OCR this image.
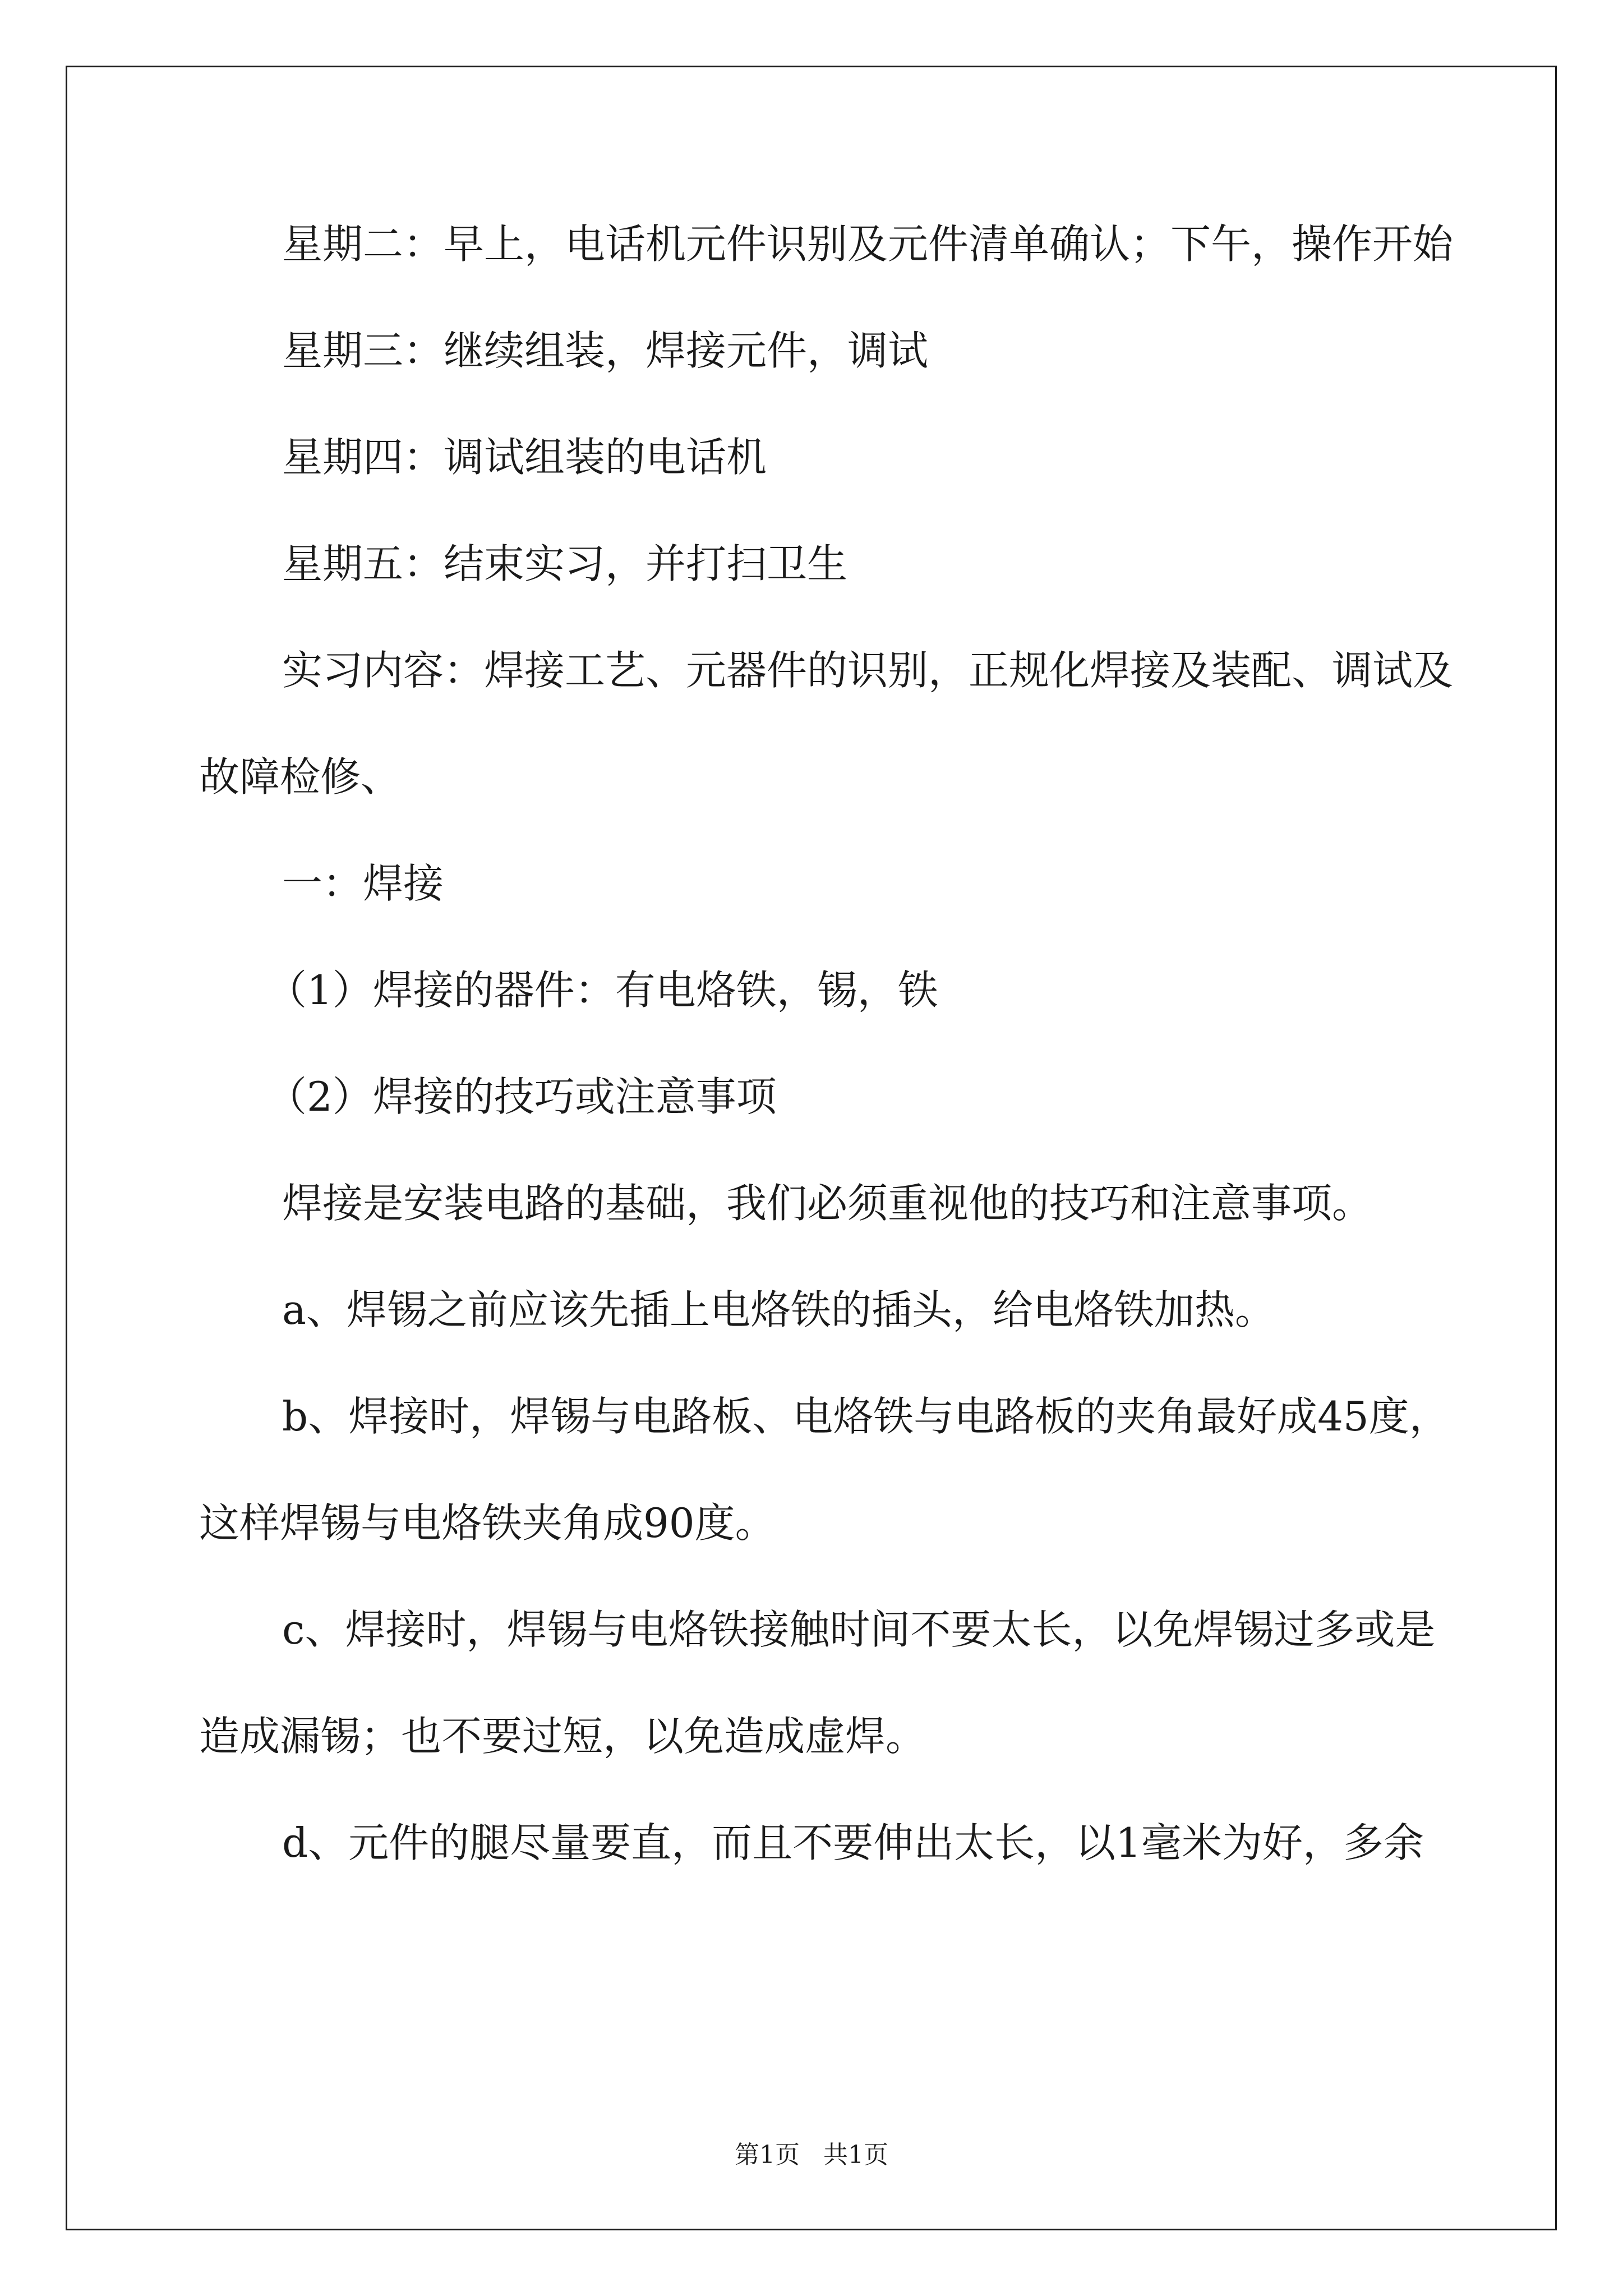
星期二：早上，电话机元件识别及元件清单确认；下午，操作开始

星期三：继续组装，焊接元件，调试

星期四：调试组装的电话机

星期五：结束实习，并打扫卫生

实习内容：焊接工艺、元器件的识别，正规化焊接及装配、调试及故障检修、

一：焊接

（1）焊接的器件：有电烙铁，锡，铁

（2）焊接的技巧或注意事项

焊接是安装电路的基础，我们必须重视他的技巧和注意事项。

a、焊锡之前应该先插上电烙铁的插头，给电烙铁加热。

b、焊接时，焊锡与电路板、电烙铁与电路板的夹角最好成45度，这样焊锡与电烙铁夹角成90度。

c、焊接时，焊锡与电烙铁接触时间不要太长，以免焊锡过多或是造成漏锡；也不要过短，以免造成虚焊。

d、元件的腿尽量要直，而且不要伸出太长，以1毫米为好，多余

第1页   共1页
